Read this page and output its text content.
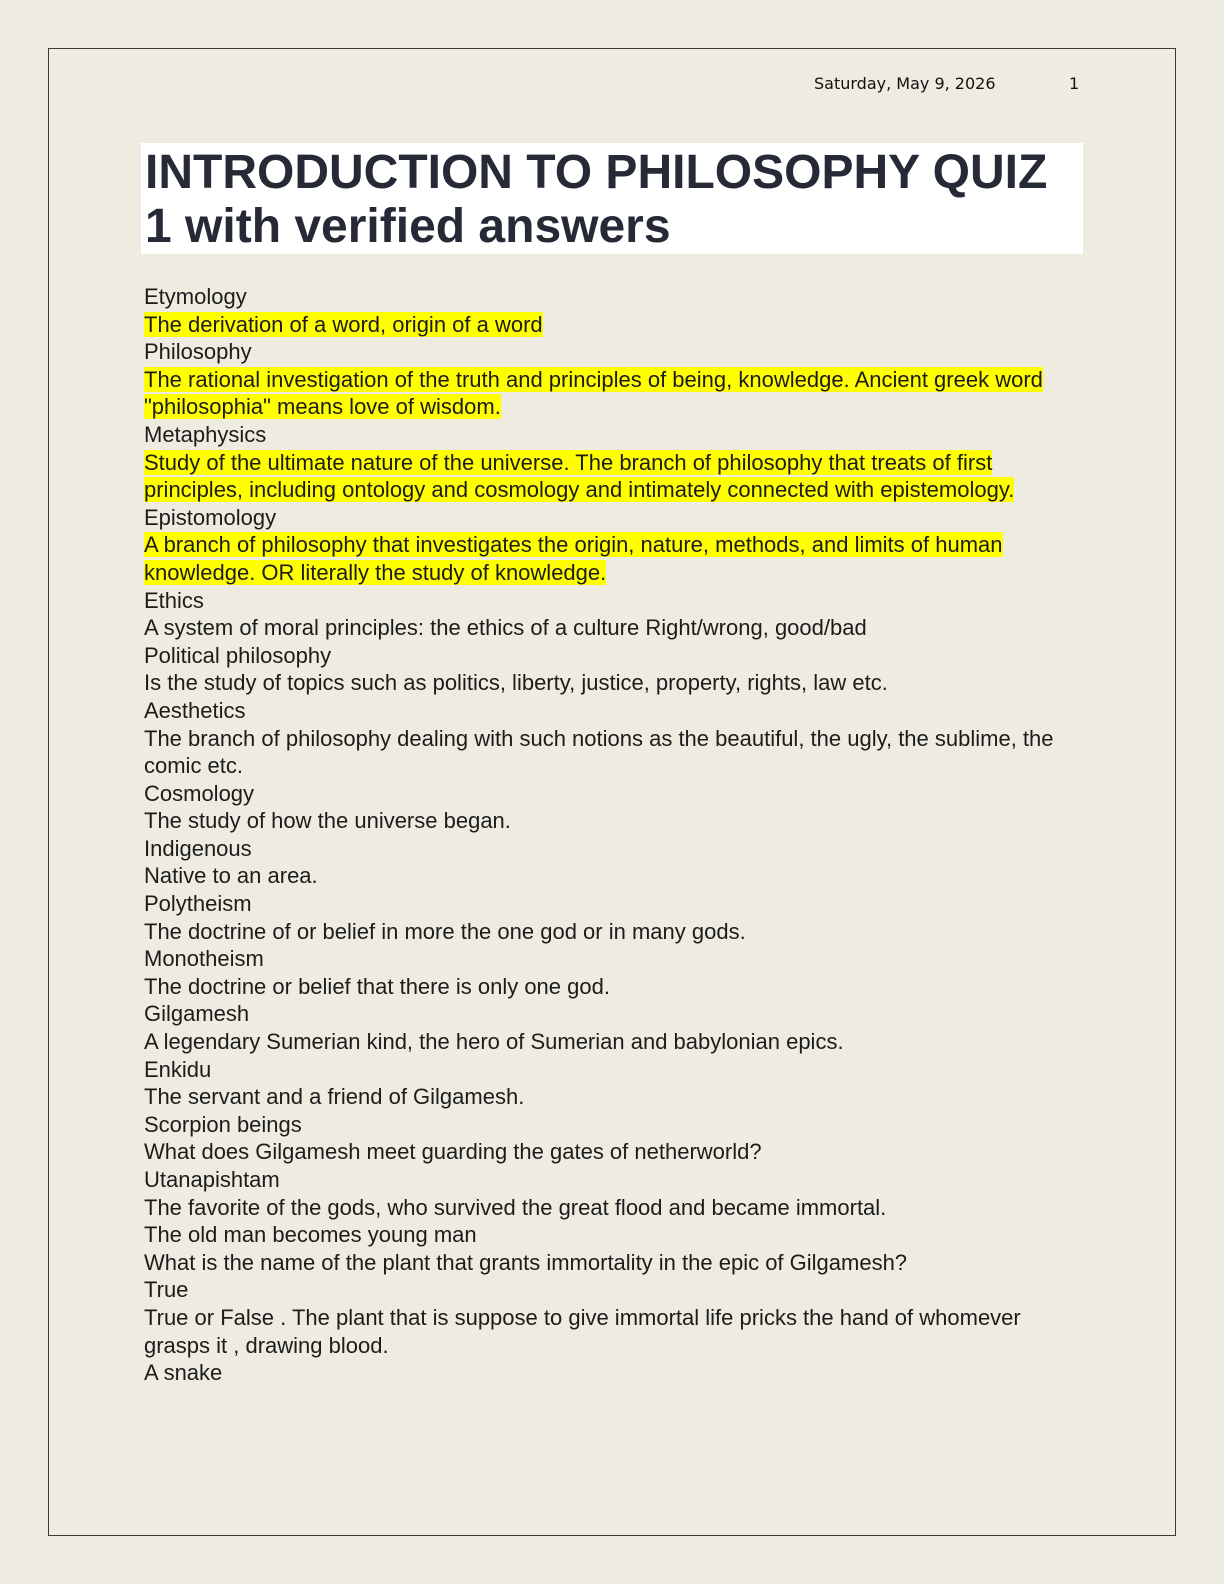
Saturday, May 9, 2026	1
INTRODUCTION TO PHILOSOPHY QUIZ 1 with verified answers
Etymology
The derivation of a word, origin of a word
Philosophy
The rational investigation of the truth and principles of being, knowledge. Ancient greek word "philosophia" means love of wisdom.
Metaphysics
Study of the ultimate nature of the universe. The branch of philosophy that treats of first principles, including ontology and cosmology and intimately connected with epistemology.
Epistomology
A branch of philosophy that investigates the origin, nature, methods, and limits of human knowledge. OR literally the study of knowledge.
Ethics
A system of moral principles: the ethics of a culture Right/wrong, good/bad
Political philosophy
Is the study of topics such as politics, liberty, justice, property, rights, law etc.
Aesthetics
The branch of philosophy dealing with such notions as the beautiful, the ugly, the sublime, the comic etc.
Cosmology
The study of how the universe began.
Indigenous
Native to an area.
Polytheism
The doctrine of or belief in more the one god or in many gods.
Monotheism
The doctrine or belief that there is only one god.
Gilgamesh
A legendary Sumerian kind, the hero of Sumerian and babylonian epics.
Enkidu
The servant and a friend of Gilgamesh.
Scorpion beings
What does Gilgamesh meet guarding the gates of netherworld?
Utanapishtam
The favorite of the gods, who survived the great flood and became immortal.
The old man becomes young man
What is the name of the plant that grants immortality in the epic of Gilgamesh?
True
True or False . The plant that is suppose to give immortal life pricks the hand of whomever grasps it , drawing blood.
A snake
